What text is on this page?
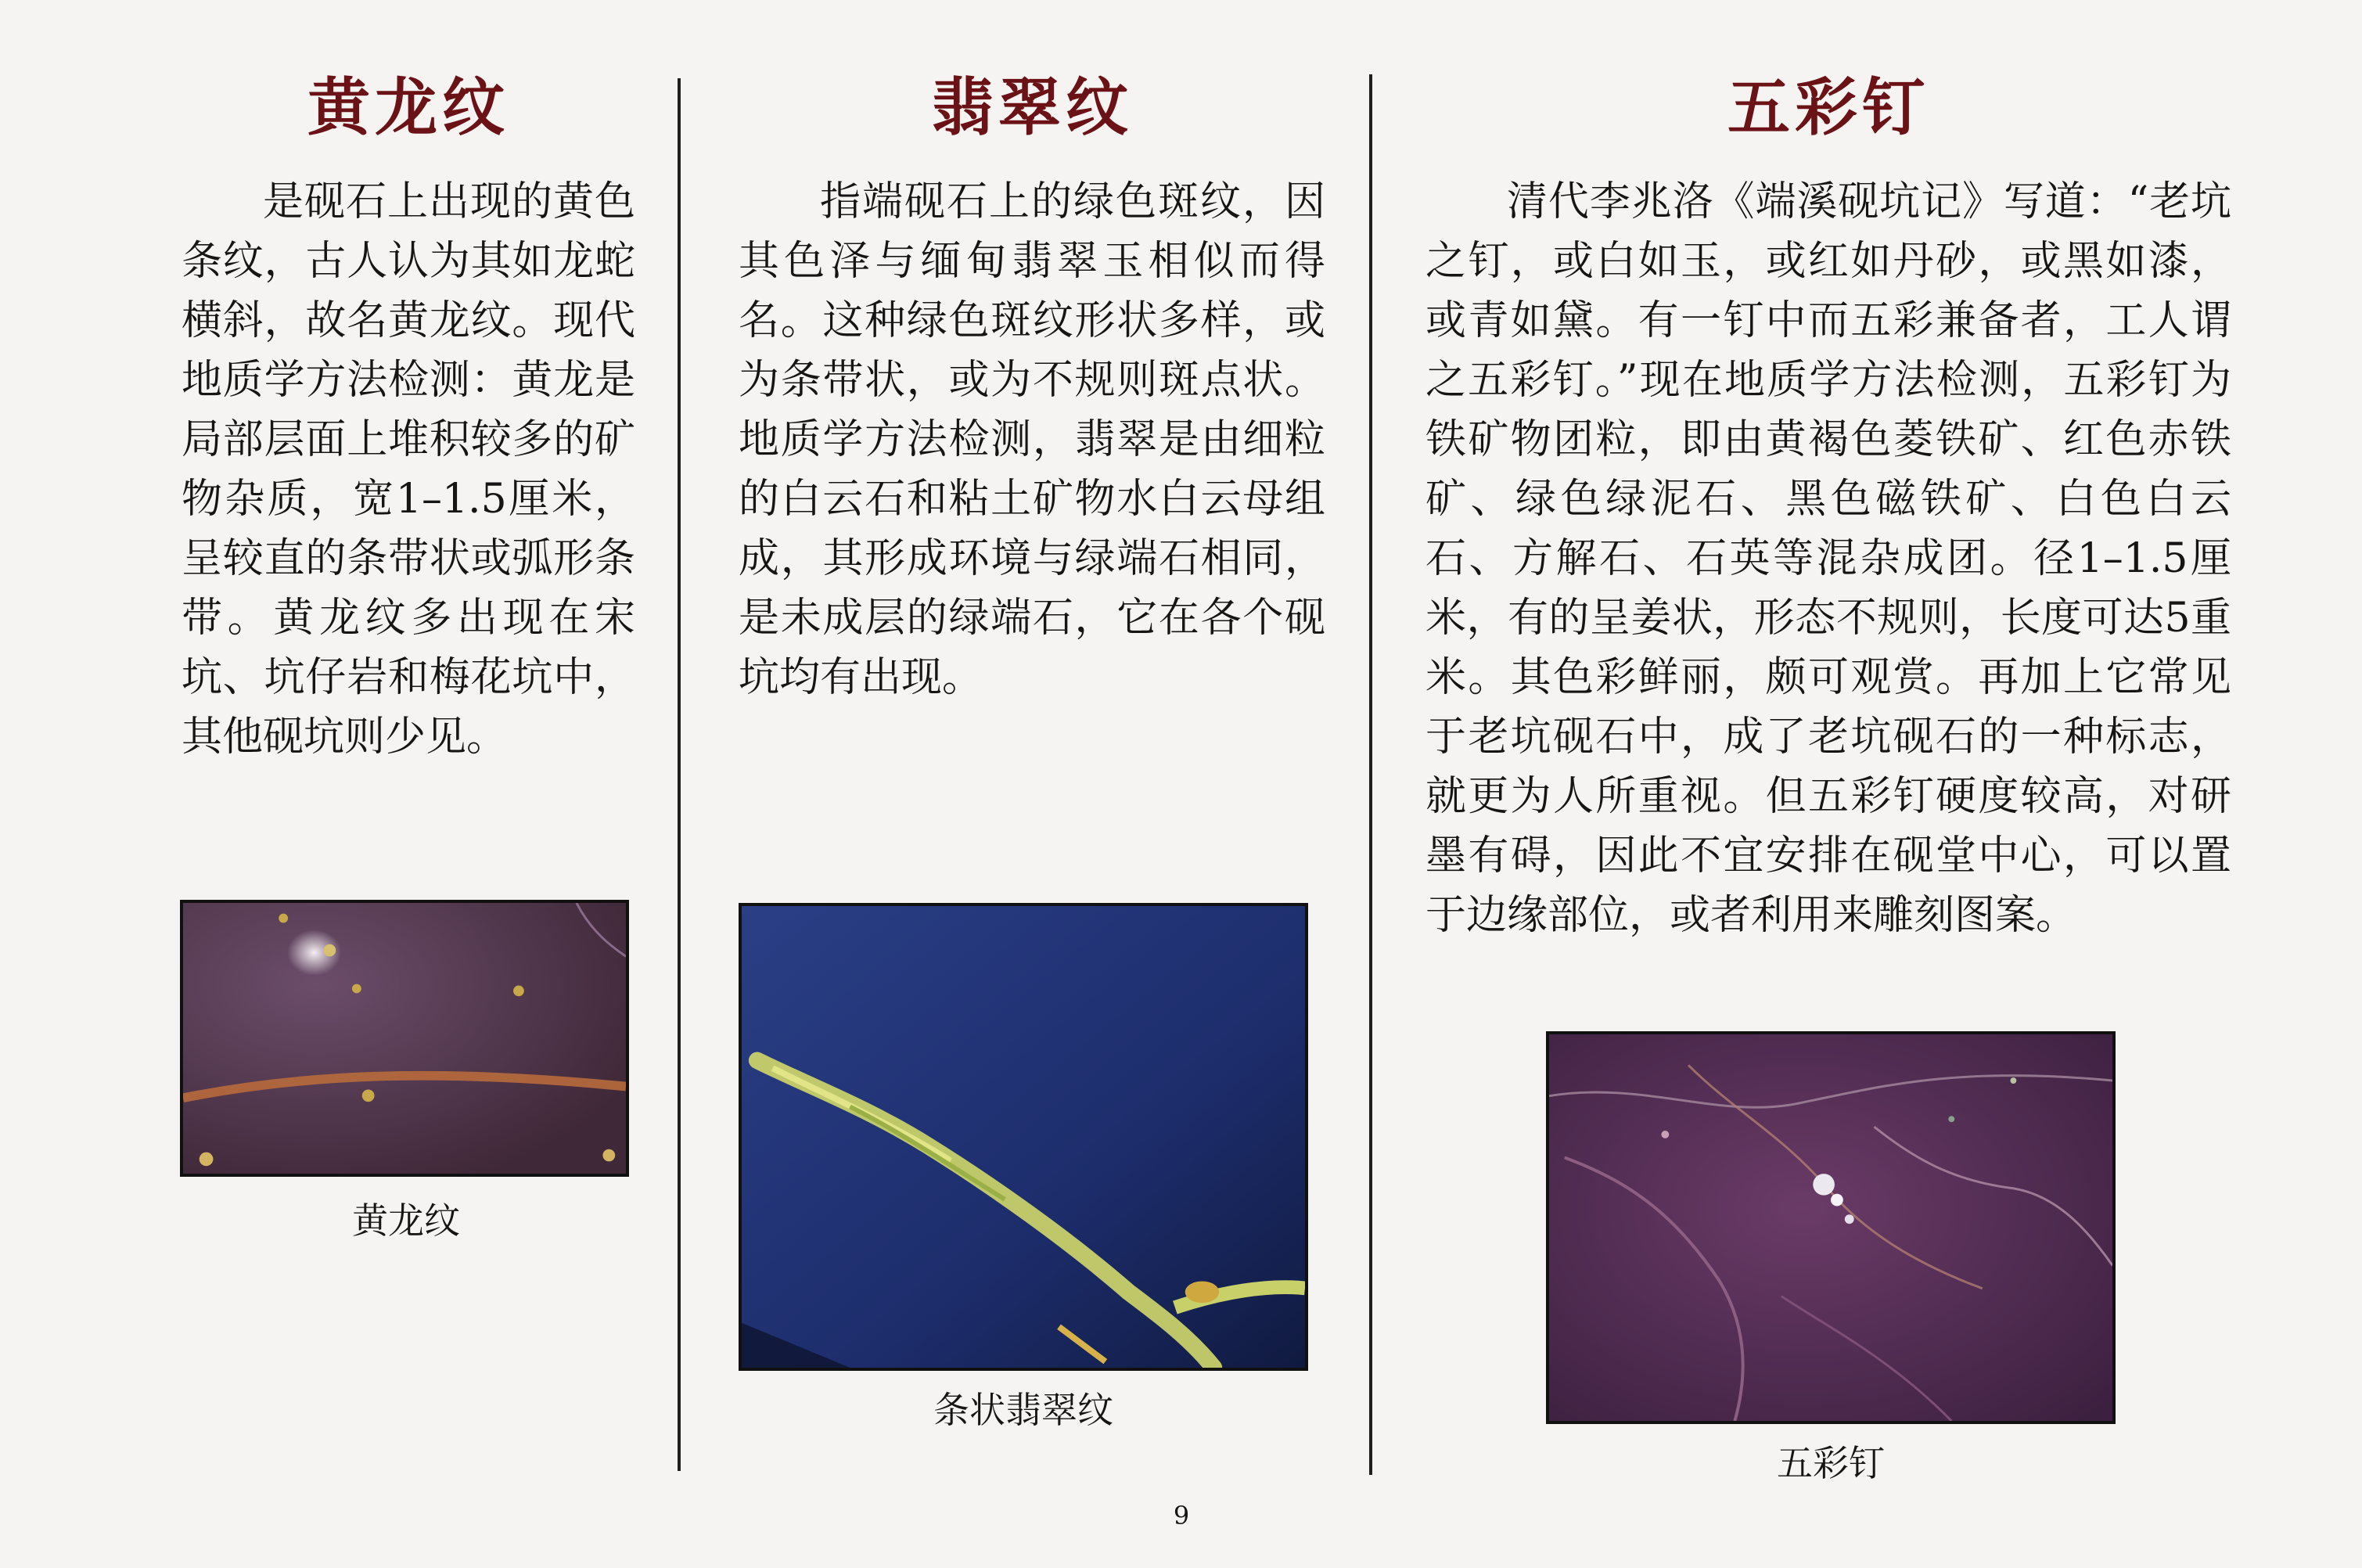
黄龙纹

是砚石上出现的黄色条纹，古人认为其如龙蛇横斜，故名黄龙纹。现代地质学方法检测：黄龙是局部层面上堆积较多的矿物杂质，宽1–1.5厘米，呈较直的条带状或弧形条带。黄龙纹多出现在宋坑、坑仔岩和梅花坑中，其他砚坑则少见。

翡翠纹

指端砚石上的绿色斑纹，因其色泽与缅甸翡翠玉相似而得名。这种绿色斑纹形状多样，或为条带状，或为不规则斑点状。地质学方法检测，翡翠是由细粒的白云石和粘土矿物水白云母组成，其形成环境与绿端石相同，是未成层的绿端石，它在各个砚坑均有出现。

五彩钉

清代李兆洛《端溪砚坑记》写道：“老坑之钉，或白如玉，或红如丹砂，或黑如漆，或青如黛。有一钉中而五彩兼备者，工人谓之五彩钉。”现在地质学方法检测，五彩钉为铁矿物团粒，即由黄褐色菱铁矿、红色赤铁矿、绿色绿泥石、黑色磁铁矿、白色白云石、方解石、石英等混杂成团。径1–1.5厘米，有的呈姜状，形态不规则，长度可达5重米。其色彩鲜丽，颇可观赏。再加上它常见于老坑砚石中，成了老坑砚石的一种标志，就更为人所重视。但五彩钉硬度较高，对研墨有碍，因此不宜安排在砚堂中心，可以置于边缘部位，或者利用来雕刻图案。

黄龙纹

条状翡翠纹

五彩钉

9
